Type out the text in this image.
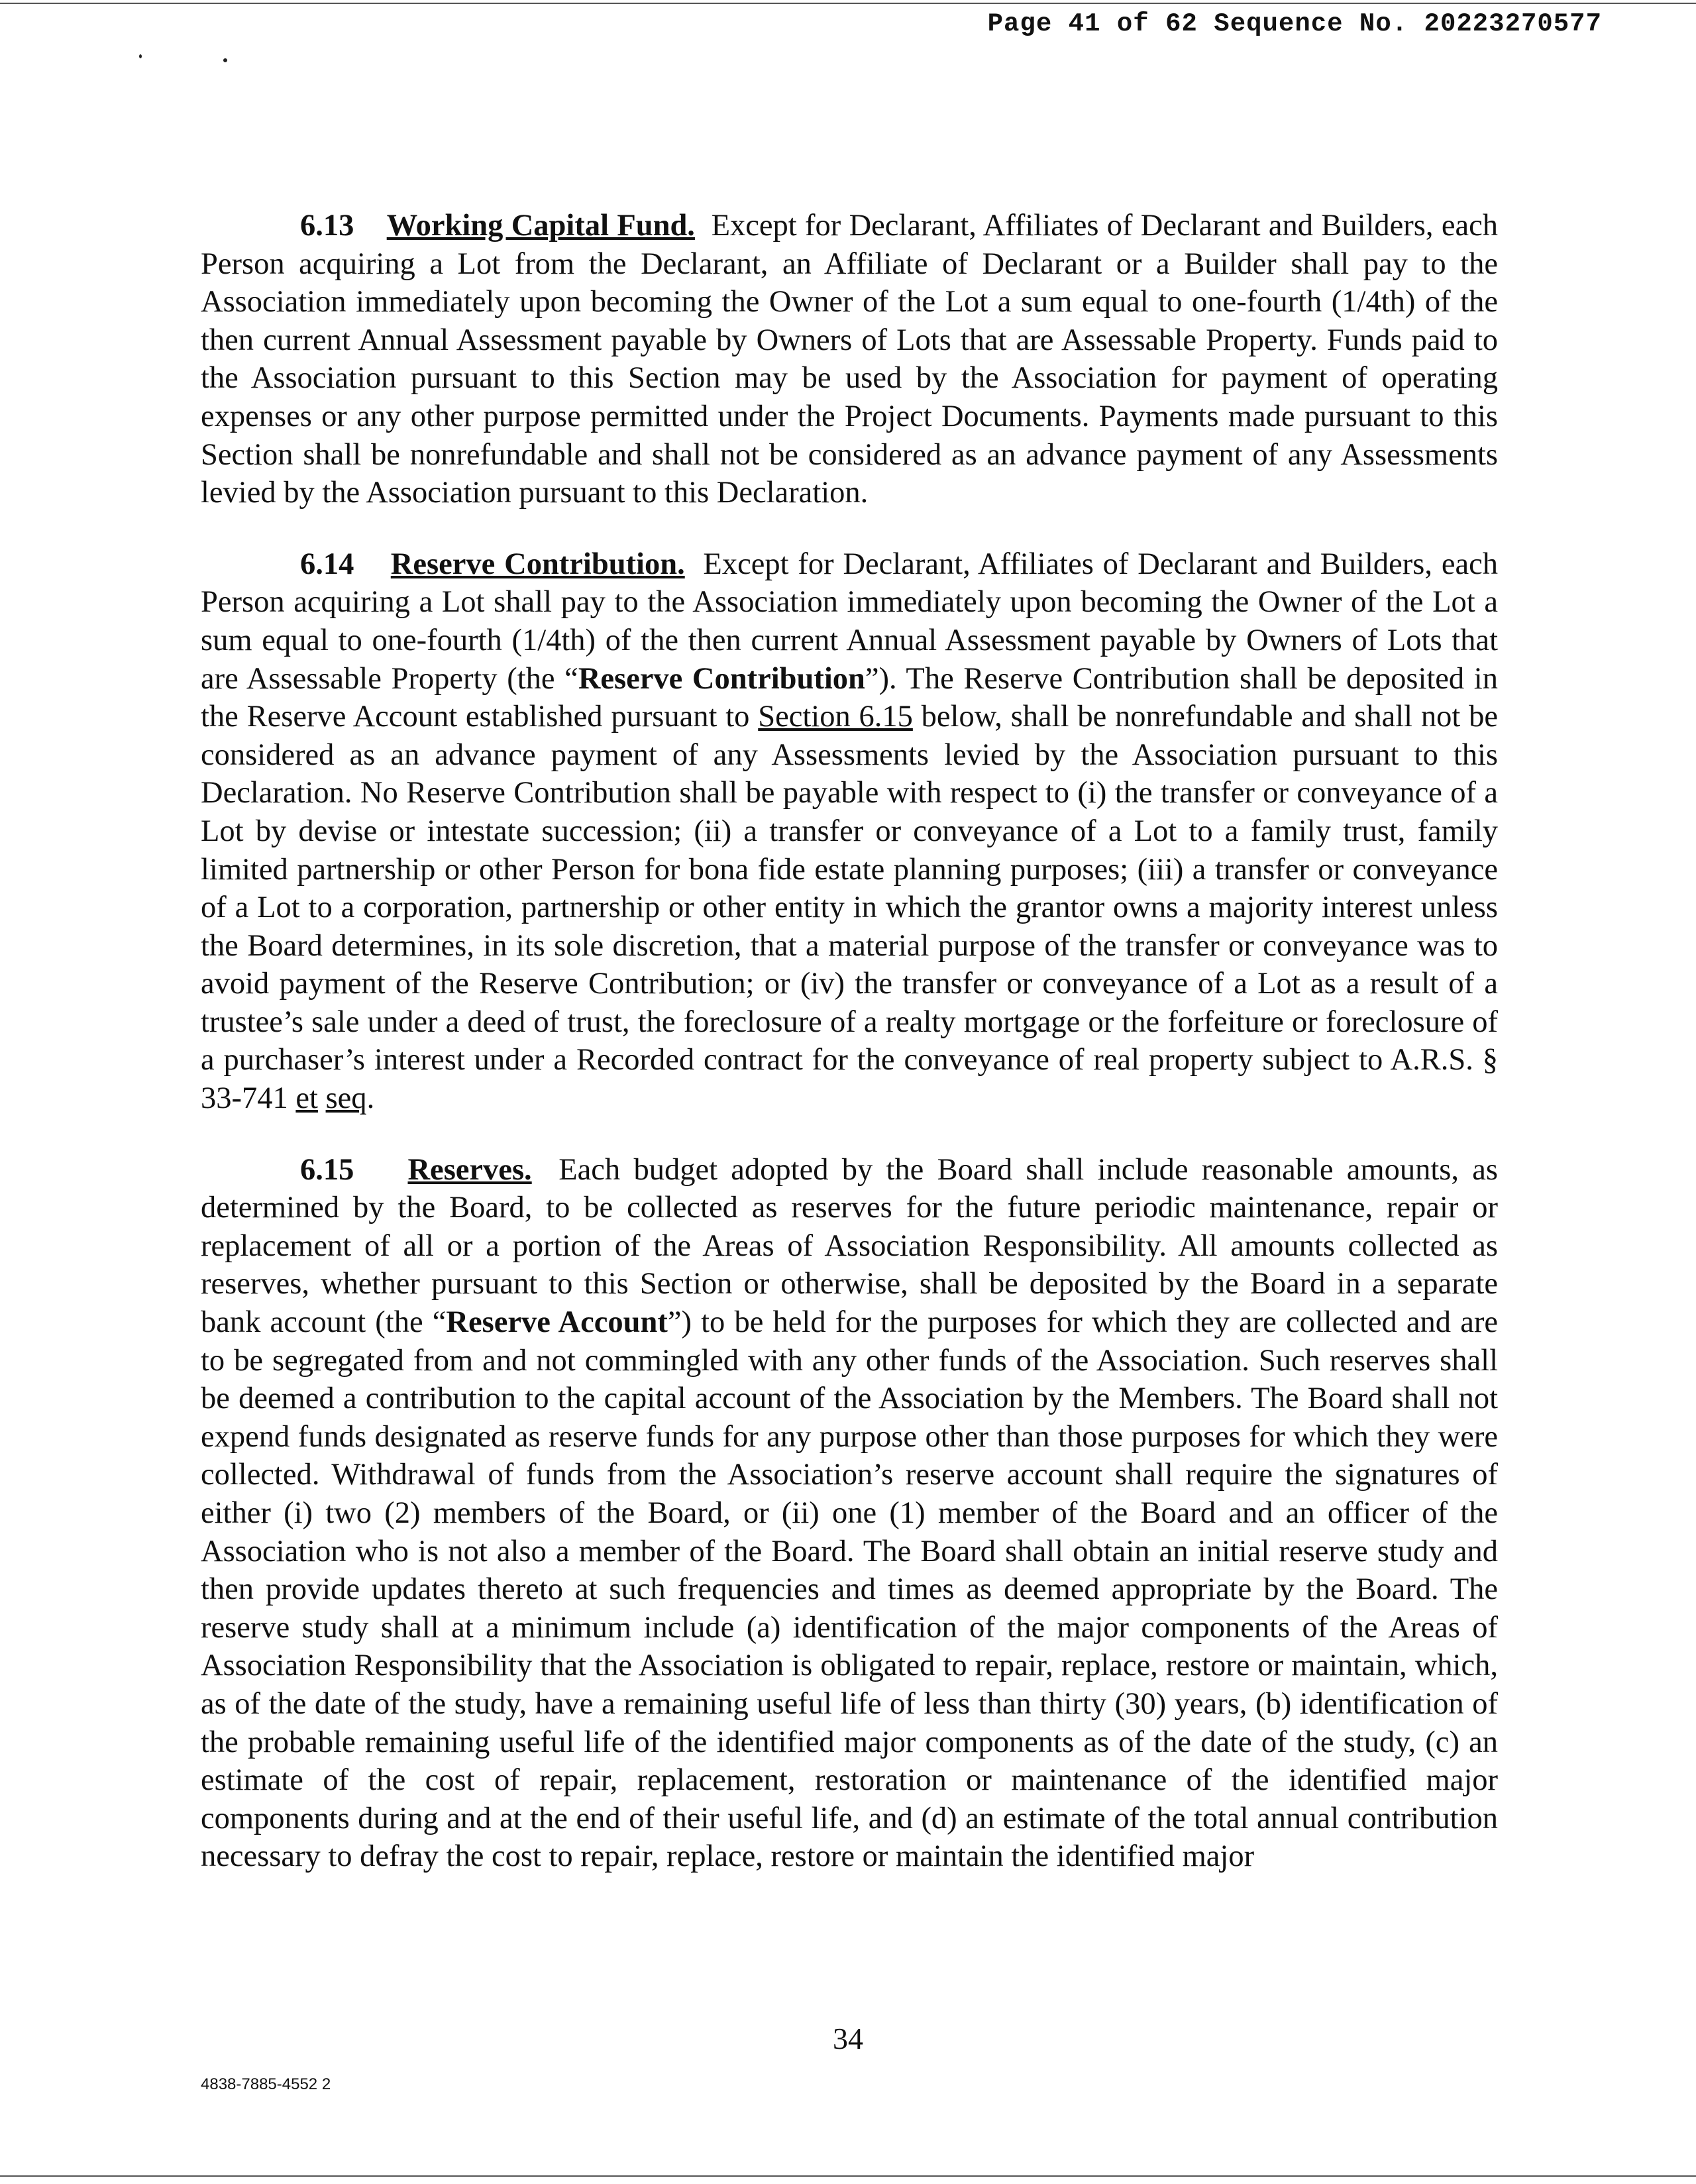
Page 41 of 62 Sequence No. 20223270577

6.13 Working Capital Fund. Except for Declarant, Affiliates of Declarant and Builders, each Person acquiring a Lot from the Declarant, an Affiliate of Declarant or a Builder shall pay to the Association immediately upon becoming the Owner of the Lot a sum equal to one-fourth (1/4th) of the then current Annual Assessment payable by Owners of Lots that are Assessable Property. Funds paid to the Association pursuant to this Section may be used by the Association for payment of operating expenses or any other purpose permitted under the Project Documents. Payments made pursuant to this Section shall be nonrefundable and shall not be considered as an advance payment of any Assessments levied by the Association pursuant to this Declaration.

6.14 Reserve Contribution. Except for Declarant, Affiliates of Declarant and Builders, each Person acquiring a Lot shall pay to the Association immediately upon becoming the Owner of the Lot a sum equal to one-fourth (1/4th) of the then current Annual Assessment payable by Owners of Lots that are Assessable Property (the “Reserve Contribution”). The Reserve Contribution shall be deposited in the Reserve Account established pursuant to Section 6.15 below, shall be nonrefundable and shall not be considered as an advance payment of any Assessments levied by the Association pursuant to this Declaration. No Reserve Contribution shall be payable with respect to (i) the transfer or conveyance of a Lot by devise or intestate succession; (ii) a transfer or conveyance of a Lot to a family trust, family limited partnership or other Person for bona fide estate planning purposes; (iii) a transfer or conveyance of a Lot to a corporation, partnership or other entity in which the grantor owns a majority interest unless the Board determines, in its sole discretion, that a material purpose of the transfer or conveyance was to avoid payment of the Reserve Contribution; or (iv) the transfer or conveyance of a Lot as a result of a trustee’s sale under a deed of trust, the foreclosure of a realty mortgage or the forfeiture or foreclosure of a purchaser’s interest under a Recorded contract for the conveyance of real property subject to A.R.S. § 33-741 et seq.

6.15 Reserves. Each budget adopted by the Board shall include reasonable amounts, as determined by the Board, to be collected as reserves for the future periodic maintenance, repair or replacement of all or a portion of the Areas of Association Responsibility. All amounts collected as reserves, whether pursuant to this Section or otherwise, shall be deposited by the Board in a separate bank account (the “Reserve Account”) to be held for the purposes for which they are collected and are to be segregated from and not commingled with any other funds of the Association. Such reserves shall be deemed a contribution to the capital account of the Association by the Members. The Board shall not expend funds designated as reserve funds for any purpose other than those purposes for which they were collected. Withdrawal of funds from the Association’s reserve account shall require the signatures of either (i) two (2) members of the Board, or (ii) one (1) member of the Board and an officer of the Association who is not also a member of the Board. The Board shall obtain an initial reserve study and then provide updates thereto at such frequencies and times as deemed appropriate by the Board. The reserve study shall at a minimum include (a) identification of the major components of the Areas of Association Responsibility that the Association is obligated to repair, replace, restore or maintain, which, as of the date of the study, have a remaining useful life of less than thirty (30) years, (b) identification of the probable remaining useful life of the identified major components as of the date of the study, (c) an estimate of the cost of repair, replacement, restoration or maintenance of the identified major components during and at the end of their useful life, and (d) an estimate of the total annual contribution necessary to defray the cost to repair, replace, restore or maintain the identified major

34
4838-7885-4552 2
